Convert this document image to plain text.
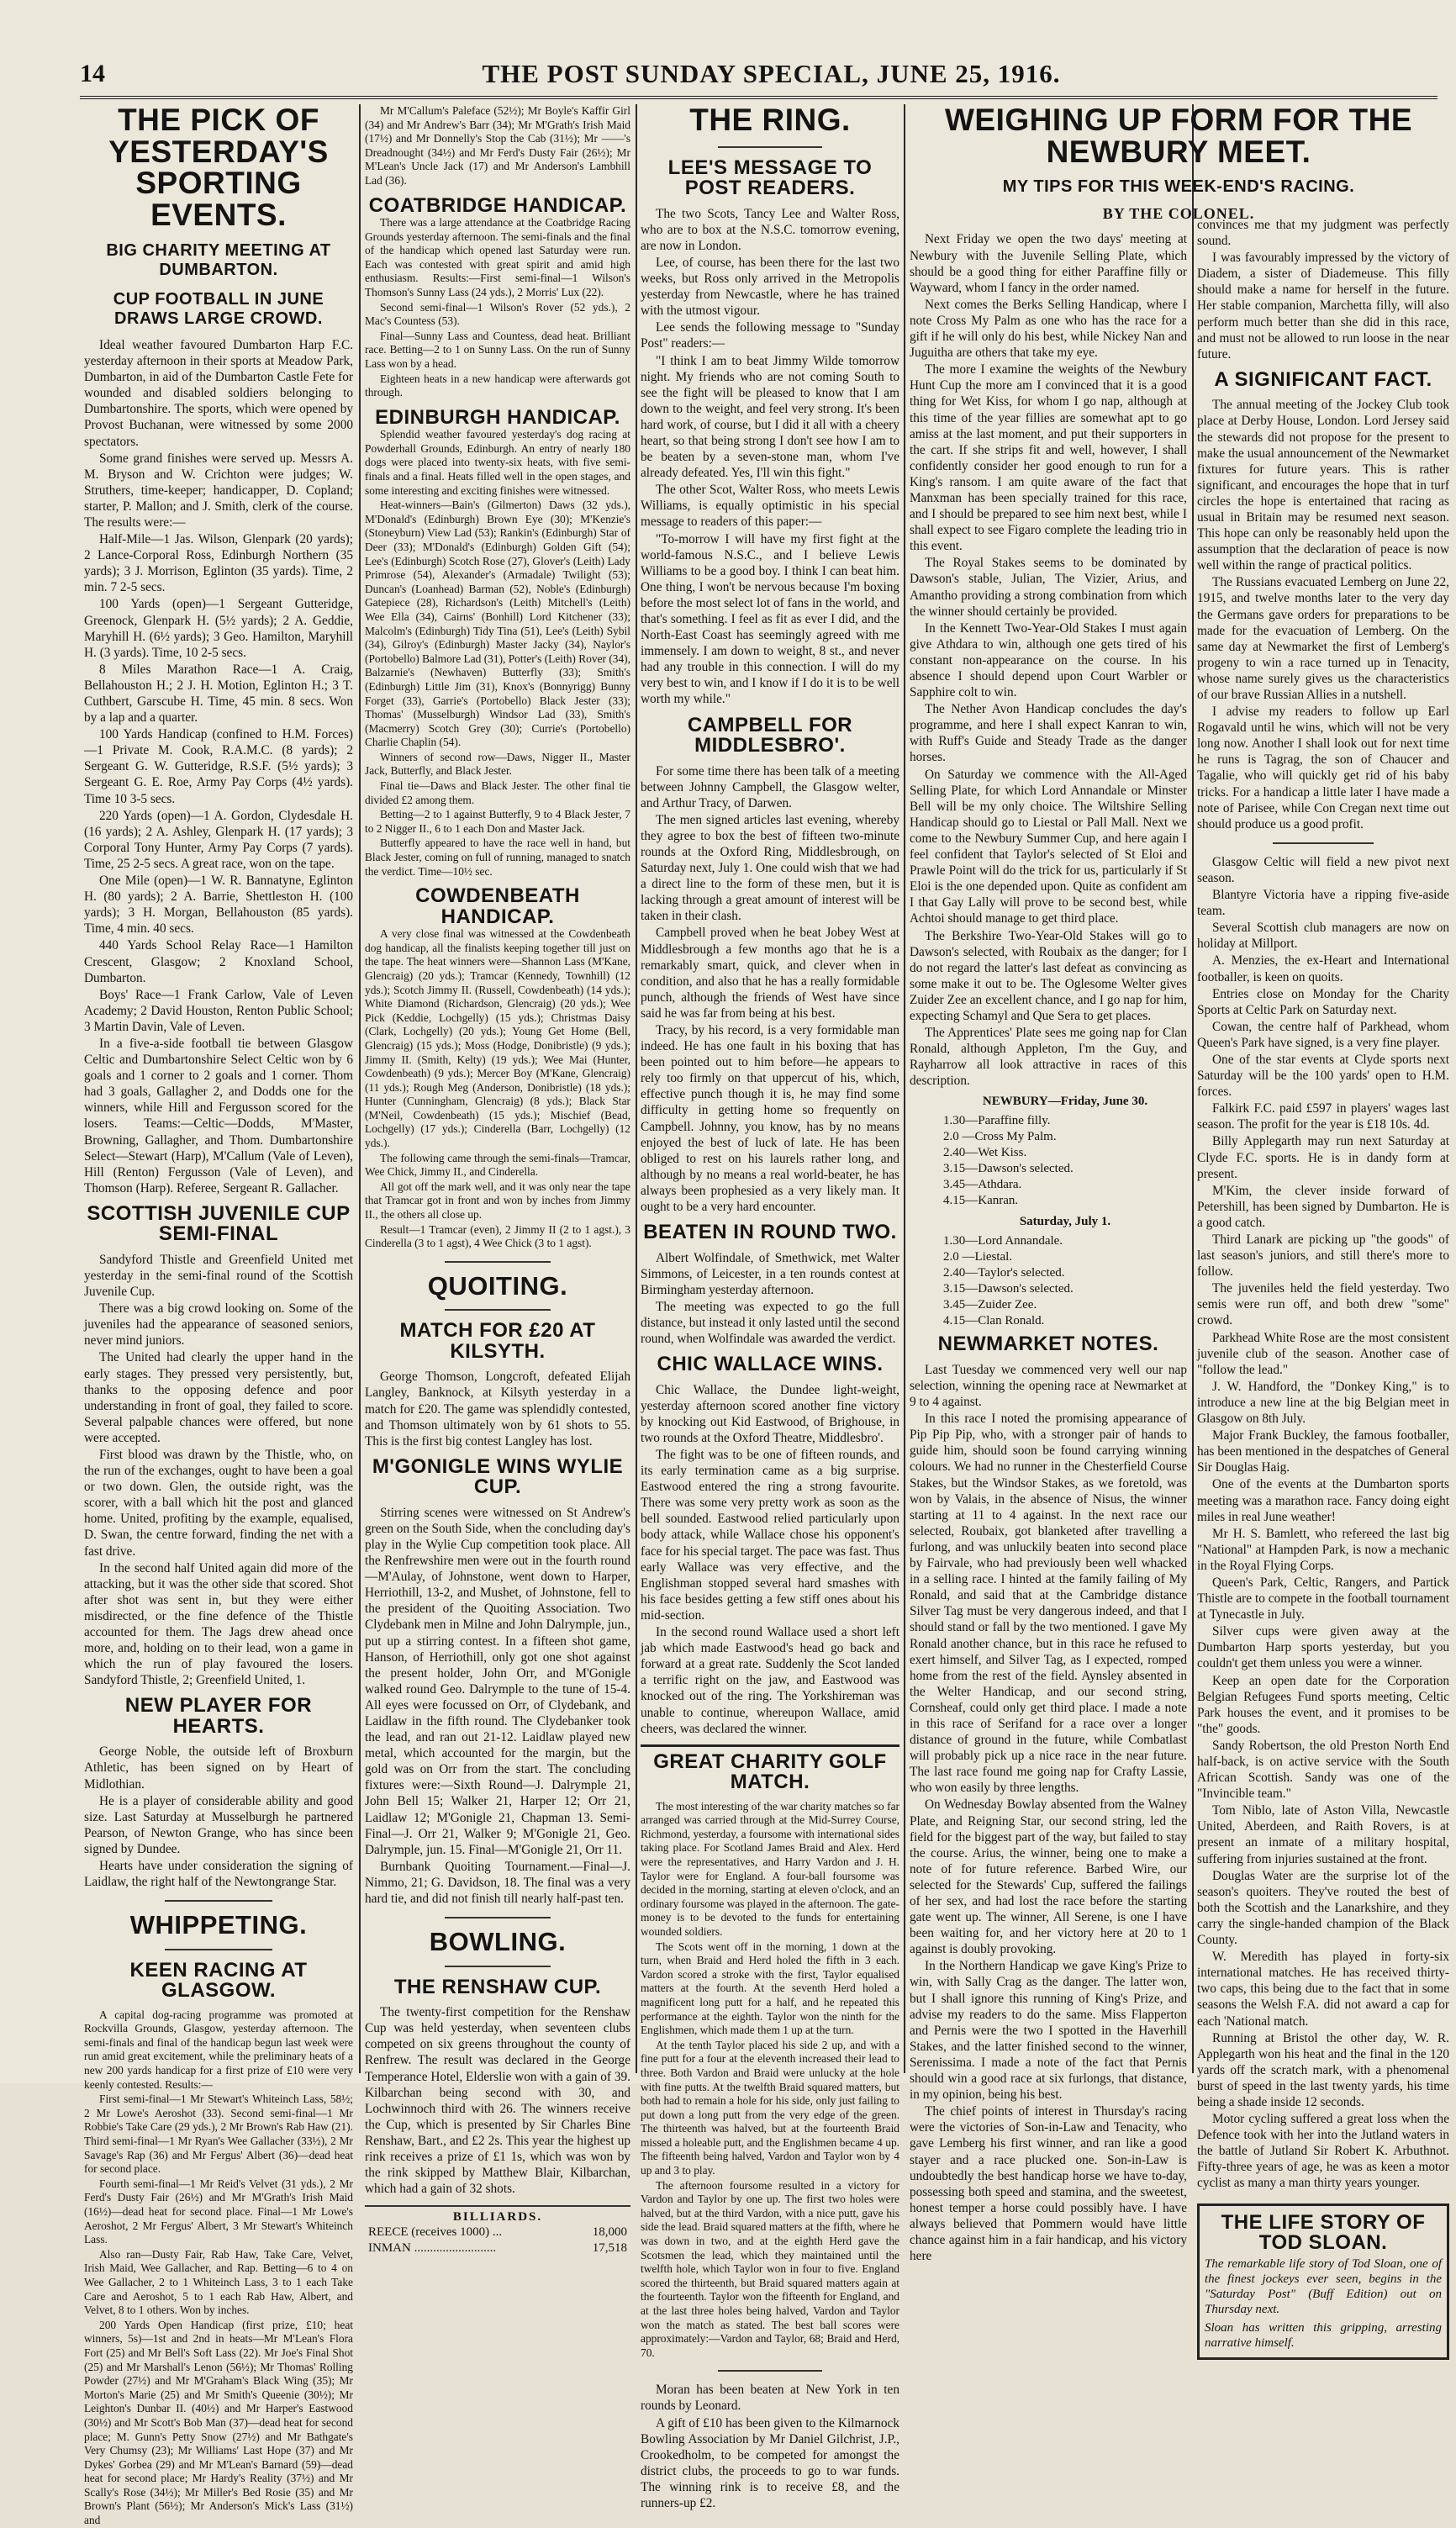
14	THE POST SUNDAY SPECIAL, JUNE 25, 1916.
THE PICK OF YESTERDAY'S SPORTING EVENTS.
BIG CHARITY MEETING AT DUMBARTON.
CUP FOOTBALL IN JUNE DRAWS LARGE CROWD.

Ideal weather favoured Dumbarton Harp F.C. yesterday afternoon in their sports at Meadow Park, Dumbarton, in aid of the Dumbarton Castle Fete for wounded and disabled soldiers belonging to Dumbartonshire. The sports, which were opened by Provost Buchanan, were witnessed by some 2000 spectators.

Some grand finishes were served up. Messrs A. M. Bryson and W. Crichton were judges; W. Struthers, time-keeper; handicapper, D. Copland; starter, P. Mallon; and J. Smith, clerk of the course. The results were:—

Half-Mile—1 Jas. Wilson, Glenpark (20 yards); 2 Lance-Corporal Ross, Edinburgh Northern (35 yards); 3 J. Morrison, Eglinton (35 yards). Time, 2 min. 7 2-5 secs.

100 Yards (open)—1 Sergeant Gutteridge, Greenock, Glenpark H. (5½ yards); 2 A. Geddie, Maryhill H. (6½ yards); 3 Geo. Hamilton, Maryhill H. (3 yards). Time, 10 2-5 secs.

8 Miles Marathon Race—1 A. Craig, Bellahouston H.; 2 J. H. Motion, Eglinton H.; 3 T. Cuthbert, Garscube H. Time, 45 min. 8 secs. Won by a lap and a quarter.

100 Yards Handicap (confined to H.M. Forces)—1 Private M. Cook, R.A.M.C. (8 yards); 2 Sergeant G. W. Gutteridge, R.S.F. (5½ yards); 3 Sergeant G. E. Roe, Army Pay Corps (4½ yards). Time 10 3-5 secs.

220 Yards (open)—1 A. Gordon, Clydesdale H. (16 yards); 2 A. Ashley, Glenpark H. (17 yards); 3 Corporal Tony Hunter, Army Pay Corps (7 yards). Time, 25 2-5 secs. A great race, won on the tape.

One Mile (open)—1 W. R. Bannatyne, Eglinton H. (80 yards); 2 A. Barrie, Shettleston H. (100 yards); 3 H. Morgan, Bellahouston (85 yards). Time, 4 min. 40 secs.

440 Yards School Relay Race—1 Hamilton Crescent, Glasgow; 2 Knoxland School, Dumbarton.

Boys' Race—1 Frank Carlow, Vale of Leven Academy; 2 David Houston, Renton Public School; 3 Martin Davin, Vale of Leven.

In a five-a-side football tie between Glasgow Celtic and Dumbartonshire Select Celtic won by 6 goals and 1 corner to 2 goals and 1 corner. Thom had 3 goals, Gallagher 2, and Dodds one for the winners, while Hill and Fergusson scored for the losers. Teams:—Celtic—Dodds, M'Master, Browning, Gallagher, and Thom. Dumbartonshire Select—Stewart (Harp), M'Callum (Vale of Leven), Hill (Renton) Fergusson (Vale of Leven), and Thomson (Harp). Referee, Sergeant R. Gallacher.

SCOTTISH JUVENILE CUP SEMI-FINAL

Sandyford Thistle and Greenfield United met yesterday in the semi-final round of the Scottish Juvenile Cup.

There was a big crowd looking on. Some of the juveniles had the appearance of seasoned seniors, never mind juniors.

The United had clearly the upper hand in the early stages. They pressed very persistently, but, thanks to the opposing defence and poor understanding in front of goal, they failed to score. Several palpable chances were offered, but none were accepted.

First blood was drawn by the Thistle, who, on the run of the exchanges, ought to have been a goal or two down. Glen, the outside right, was the scorer, with a ball which hit the post and glanced home. United, profiting by the example, equalised, D. Swan, the centre forward, finding the net with a fast drive.

In the second half United again did more of the attacking, but it was the other side that scored. Shot after shot was sent in, but they were either misdirected, or the fine defence of the Thistle accounted for them. The Jags drew ahead once more, and, holding on to their lead, won a game in which the run of play favoured the losers. Sandyford Thistle, 2; Greenfield United, 1.

NEW PLAYER FOR HEARTS.

George Noble, the outside left of Broxburn Athletic, has been signed on by Heart of Midlothian.

He is a player of considerable ability and good size. Last Saturday at Musselburgh he partnered Pearson, of Newton Grange, who has since been signed by Dundee.

Hearts have under consideration the signing of Laidlaw, the right half of the Newtongrange Star.

WHIPPETING.
KEEN RACING AT GLASGOW.

A capital dog-racing programme was promoted at Rockvilla Grounds, Glasgow, yesterday afternoon. The semi-finals and final of the handicap begun last week were run amid great excitement, while the preliminary heats of a new 200 yards handicap for a first prize of £10 were very keenly contested. Results:—

First semi-final—1 Mr Stewart's Whiteinch Lass, 58½; 2 Mr Lowe's Aeroshot (33). Second semi-final—1 Mr Robbie's Take Care (29 yds.), 2 Mr Brown's Rab Haw (21). Third semi-final—1 Mr Ryan's Wee Gallacher (33½), 2 Mr Savage's Rap (36) and Mr Fergus' Albert (36)—dead heat for second place.

Fourth semi-final—1 Mr Reid's Velvet (31 yds.), 2 Mr Ferd's Dusty Fair (26½) and Mr M'Grath's Irish Maid (16½)—dead heat for second place. Final—1 Mr Lowe's Aeroshot, 2 Mr Fergus' Albert, 3 Mr Stewart's Whiteinch Lass.

Also ran—Dusty Fair, Rab Haw, Take Care, Velvet, Irish Maid, Wee Gallacher, and Rap. Betting—6 to 4 on Wee Gallacher, 2 to 1 Whiteinch Lass, 3 to 1 each Take Care and Aeroshot, 5 to 1 each Rab Haw, Albert, and Velvet, 8 to 1 others. Won by inches.

200 Yards Open Handicap (first prize, £10; heat winners, 5s)—1st and 2nd in heats—Mr M'Lean's Flora Fort (25) and Mr Bell's Soft Lass (22). Mr Joe's Final Shot (25) and Mr Marshall's Lenon (56½); Mr Thomas' Rolling Powder (27½) and Mr M'Graham's Black Wing (35); Mr Morton's Marie (25) and Mr Smith's Queenie (30½); Mr Leighton's Dunbar II. (40½) and Mr Harper's Eastwood (30½) and Mr Scott's Bob Man (37)—dead heat for second place; M. Gunn's Petty Snow (27½) and Mr Bathgate's Very Chumsy (23); Mr Williams' Last Hope (37) and Mr Dykes' Gorbea (29) and Mr M'Lean's Barnard (59)—dead heat for second place; Mr Hardy's Reality (37½) and Mr Scally's Rose (34½); Mr Miller's Bed Rosie (35) and Mr Brown's Plant (56½); Mr Anderson's Mick's Lass (31½) and

Mr M'Callum's Paleface (52½); Mr Boyle's Kaffir Girl (34) and Mr Andrew's Barr (34); Mr M'Grath's Irish Maid (17½) and Mr Donnelly's Stop the Cab (31½); Mr ——'s Dreadnought (34½) and Mr Ferd's Dusty Fair (26½); Mr M'Lean's Uncle Jack (17) and Mr Anderson's Lambhill Lad (36).

COATBRIDGE HANDICAP.

There was a large attendance at the Coatbridge Racing Grounds yesterday afternoon. The semi-finals and the final of the handicap which opened last Saturday were run. Each was contested with great spirit and amid high enthusiasm. Results:—First semi-final—1 Wilson's Thomson's Sunny Lass (24 yds.), 2 Morris' Lux (22).

Second semi-final—1 Wilson's Rover (52 yds.), 2 Mac's Countess (53).

Final—Sunny Lass and Countess, dead heat. Brilliant race. Betting—2 to 1 on Sunny Lass. On the run of Sunny Lass won by a head.

Eighteen heats in a new handicap were afterwards got through.

EDINBURGH HANDICAP.

Splendid weather favoured yesterday's dog racing at Powderhall Grounds, Edinburgh. An entry of nearly 180 dogs were placed into twenty-six heats, with five semi-finals and a final. Heats filled well in the open stages, and some interesting and exciting finishes were witnessed.

Heat-winners—Bain's (Gilmerton) Daws (32 yds.), M'Donald's (Edinburgh) Brown Eye (30); M'Kenzie's (Stoneyburn) View Lad (53); Rankin's (Edinburgh) Star of Deer (33); M'Donald's (Edinburgh) Golden Gift (54); Lee's (Edinburgh) Scotch Rose (27), Glover's (Leith) Lady Primrose (54), Alexander's (Armadale) Twilight (53); Duncan's (Loanhead) Barman (52), Noble's (Edinburgh) Gatepiece (28), Richardson's (Leith) Mitchell's (Leith) Wee Ella (34), Cairns' (Bonhill) Lord Kitchener (33); Malcolm's (Edinburgh) Tidy Tina (51), Lee's (Leith) Sybil (34), Gilroy's (Edinburgh) Master Jacky (34), Naylor's (Portobello) Balmore Lad (31), Potter's (Leith) Rover (34), Balzarnie's (Newhaven) Butterfly (33); Smith's (Edinburgh) Little Jim (31), Knox's (Bonnyrigg) Bunny Forget (33), Garrie's (Portobello) Black Jester (33); Thomas' (Musselburgh) Windsor Lad (33), Smith's (Macmerry) Scotch Grey (30); Currie's (Portobello) Charlie Chaplin (54).

Winners of second row—Daws, Nigger II., Master Jack, Butterfly, and Black Jester.

Final tie—Daws and Black Jester. The other final tie divided £2 among them.

Betting—2 to 1 against Butterfly, 9 to 4 Black Jester, 7 to 2 Nigger II., 6 to 1 each Don and Master Jack.

Butterfly appeared to have the race well in hand, but Black Jester, coming on full of running, managed to snatch the verdict. Time—10½ sec.

COWDENBEATH HANDICAP.

A very close final was witnessed at the Cowdenbeath dog handicap, all the finalists keeping together till just on the tape. The heat winners were—Shannon Lass (M'Kane, Glencraig) (20 yds.); Tramcar (Kennedy, Townhill) (12 yds.); Scotch Jimmy II. (Russell, Cowdenbeath) (14 yds.); White Diamond (Richardson, Glencraig) (20 yds.); Wee Pick (Keddie, Lochgelly) (15 yds.); Christmas Daisy (Clark, Lochgelly) (20 yds.); Young Get Home (Bell, Glencraig) (15 yds.); Moss (Hodge, Donibristle) (9 yds.); Jimmy II. (Smith, Kelty) (19 yds.); Wee Mai (Hunter, Cowdenbeath) (9 yds.); Mercer Boy (M'Kane, Glencraig) (11 yds.); Rough Meg (Anderson, Donibristle) (18 yds.); Hunter (Cunningham, Glencraig) (8 yds.); Black Star (M'Neil, Cowdenbeath) (15 yds.); Mischief (Bead, Lochgelly) (17 yds.); Cinderella (Barr, Lochgelly) (12 yds.).

The following came through the semi-finals—Tramcar, Wee Chick, Jimmy II., and Cinderella.

All got off the mark well, and it was only near the tape that Tramcar got in front and won by inches from Jimmy II., the others all close up.

Result—1 Tramcar (even), 2 Jimmy II (2 to 1 agst.), 3 Cinderella (3 to 1 agst), 4 Wee Chick (3 to 1 agst).

QUOITING.
MATCH FOR £20 AT KILSYTH.

George Thomson, Longcroft, defeated Elijah Langley, Banknock, at Kilsyth yesterday in a match for £20. The game was splendidly contested, and Thomson ultimately won by 61 shots to 55. This is the first big contest Langley has lost.

M'GONIGLE WINS WYLIE CUP.

Stirring scenes were witnessed on St Andrew's green on the South Side, when the concluding day's play in the Wylie Cup competition took place. All the Renfrewshire men were out in the fourth round—M'Aulay, of Johnstone, went down to Harper, Herriothill, 13-2, and Mushet, of Johnstone, fell to the president of the Quoiting Association. Two Clydebank men in Milne and John Dalrymple, jun., put up a stirring contest. In a fifteen shot game, Hanson, of Herriothill, only got one shot against the present holder, John Orr, and M'Gonigle walked round Geo. Dalrymple to the tune of 15-4. All eyes were focussed on Orr, of Clydebank, and Laidlaw in the fifth round. The Clydebanker took the lead, and ran out 21-12. Laidlaw played new metal, which accounted for the margin, but the gold was on Orr from the start. The concluding fixtures were:—Sixth Round—J. Dalrymple 21, John Bell 15; Walker 21, Harper 12; Orr 21, Laidlaw 12; M'Gonigle 21, Chapman 13. Semi-Final—J. Orr 21, Walker 9; M'Gonigle 21, Geo. Dalrymple, jun. 15. Final—M'Gonigle 21, Orr 11.

Burnbank Quoiting Tournament.—Final—J. Nimmo, 21; G. Davidson, 18. The final was a very hard tie, and did not finish till nearly half-past ten.

BOWLING.
THE RENSHAW CUP.

The twenty-first competition for the Renshaw Cup was held yesterday, when seventeen clubs competed on six greens throughout the county of Renfrew. The result was declared in the George Temperance Hotel, Elderslie won with a gain of 39. Kilbarchan being second with 30, and Lochwinnoch third with 26. The winners receive the Cup, which is presented by Sir Charles Bine Renshaw, Bart., and £2 2s. This year the highest up rink receives a prize of £1 1s, which was won by the rink skipped by Matthew Blair, Kilbarchan, which had a gain of 32 shots.

BILLIARDS.
REECE (receives 1000) ...	18,000
INMAN ..........................	17,518
THE RING.
LEE'S MESSAGE TO POST READERS.

The two Scots, Tancy Lee and Walter Ross, who are to box at the N.S.C. tomorrow evening, are now in London.

Lee, of course, has been there for the last two weeks, but Ross only arrived in the Metropolis yesterday from Newcastle, where he has trained with the utmost vigour.

Lee sends the following message to "Sunday Post" readers:—

"I think I am to beat Jimmy Wilde tomorrow night. My friends who are not coming South to see the fight will be pleased to know that I am down to the weight, and feel very strong. It's been hard work, of course, but I did it all with a cheery heart, so that being strong I don't see how I am to be beaten by a seven-stone man, whom I've already defeated. Yes, I'll win this fight."

The other Scot, Walter Ross, who meets Lewis Williams, is equally optimistic in his special message to readers of this paper:—

"To-morrow I will have my first fight at the world-famous N.S.C., and I believe Lewis Williams to be a good boy. I think I can beat him. One thing, I won't be nervous because I'm boxing before the most select lot of fans in the world, and that's something. I feel as fit as ever I did, and the North-East Coast has seemingly agreed with me immensely. I am down to weight, 8 st., and never had any trouble in this connection. I will do my very best to win, and I know if I do it is to be well worth my while."

CAMPBELL FOR MIDDLESBRO'.

For some time there has been talk of a meeting between Johnny Campbell, the Glasgow welter, and Arthur Tracy, of Darwen.

The men signed articles last evening, whereby they agree to box the best of fifteen two-minute rounds at the Oxford Ring, Middlesbrough, on Saturday next, July 1. One could wish that we had a direct line to the form of these men, but it is lacking through a great amount of interest will be taken in their clash.

Campbell proved when he beat Jobey West at Middlesbrough a few months ago that he is a remarkably smart, quick, and clever when in condition, and also that he has a really formidable punch, although the friends of West have since said he was far from being at his best.

Tracy, by his record, is a very formidable man indeed. He has one fault in his boxing that has been pointed out to him before—he appears to rely too firmly on that uppercut of his, which, effective punch though it is, he may find some difficulty in getting home so frequently on Campbell. Johnny, you know, has by no means enjoyed the best of luck of late. He has been obliged to rest on his laurels rather long, and although by no means a real world-beater, he has always been prophesied as a very likely man. It ought to be a very hard encounter.

BEATEN IN ROUND TWO.

Albert Wolfindale, of Smethwick, met Walter Simmons, of Leicester, in a ten rounds contest at Birmingham yesterday afternoon.

The meeting was expected to go the full distance, but instead it only lasted until the second round, when Wolfindale was awarded the verdict.

CHIC WALLACE WINS.

Chic Wallace, the Dundee light-weight, yesterday afternoon scored another fine victory by knocking out Kid Eastwood, of Brighouse, in two rounds at the Oxford Theatre, Middlesbro'.

The fight was to be one of fifteen rounds, and its early termination came as a big surprise. Eastwood entered the ring a strong favourite. There was some very pretty work as soon as the bell sounded. Eastwood relied particularly upon body attack, while Wallace chose his opponent's face for his special target. The pace was fast. Thus early Wallace was very effective, and the Englishman stopped several hard smashes with his face besides getting a few stiff ones about his mid-section.

In the second round Wallace used a short left jab which made Eastwood's head go back and forward at a great rate. Suddenly the Scot landed a terrific right on the jaw, and Eastwood was knocked out of the ring. The Yorkshireman was unable to continue, whereupon Wallace, amid cheers, was declared the winner.

GREAT CHARITY GOLF MATCH.

The most interesting of the war charity matches so far arranged was carried through at the Mid-Surrey Course, Richmond, yesterday, a foursome with international sides taking place. For Scotland James Braid and Alex. Herd were the representatives, and Harry Vardon and J. H. Taylor were for England. A four-ball foursome was decided in the morning, starting at eleven o'clock, and an ordinary foursome was played in the afternoon. The gate-money is to be devoted to the funds for entertaining wounded soldiers.

The Scots went off in the morning, 1 down at the turn, when Braid and Herd holed the fifth in 3 each. Vardon scored a stroke with the first, Taylor equalised matters at the fourth. At the seventh Herd holed a magnificent long putt for a half, and he repeated this performance at the eighth. Taylor won the ninth for the Englishmen, which made them 1 up at the turn.

At the tenth Taylor placed his side 2 up, and with a fine putt for a four at the eleventh increased their lead to three. Both Vardon and Braid were unlucky at the hole with fine putts. At the twelfth Braid squared matters, but both had to remain a hole for his side, only just failing to put down a long putt from the very edge of the green. The thirteenth was halved, but at the fourteenth Braid missed a holeable putt, and the Englishmen became 4 up. The fifteenth being halved, Vardon and Taylor won by 4 up and 3 to play.

The afternoon foursome resulted in a victory for Vardon and Taylor by one up. The first two holes were halved, but at the third Vardon, with a nice putt, gave his side the lead. Braid squared matters at the fifth, where he was down in two, and at the eighth Herd gave the Scotsmen the lead, which they maintained until the twelfth hole, which Taylor won in four to five. England scored the thirteenth, but Braid squared matters again at the fourteenth. Taylor won the fifteenth for England, and at the last three holes being halved, Vardon and Taylor won the match as stated. The best ball scores were approximately:—Vardon and Taylor, 68; Braid and Herd, 70.

Moran has been beaten at New York in ten rounds by Leonard.

A gift of £10 has been given to the Kilmarnock Bowling Association by Mr Daniel Gilchrist, J.P., Crookedholm, to be competed for amongst the district clubs, the proceeds to go to war funds. The winning rink is to receive £8, and the runners-up £2.

WEIGHING UP FORM FOR THE NEWBURY MEET.
MY TIPS FOR THIS WEEK-END'S RACING.
BY THE COLONEL.

Next Friday we open the two days' meeting at Newbury with the Juvenile Selling Plate, which should be a good thing for either Paraffine filly or Wayward, whom I fancy in the order named.

Next comes the Berks Selling Handicap, where I note Cross My Palm as one who has the race for a gift if he will only do his best, while Nickey Nan and Juguitha are others that take my eye.

The more I examine the weights of the Newbury Hunt Cup the more am I convinced that it is a good thing for Wet Kiss, for whom I go nap, although at this time of the year fillies are somewhat apt to go amiss at the last moment, and put their supporters in the cart. If she strips fit and well, however, I shall confidently consider her good enough to run for a King's ransom. I am quite aware of the fact that Manxman has been specially trained for this race, and I should be prepared to see him next best, while I shall expect to see Figaro complete the leading trio in this event.

The Royal Stakes seems to be dominated by Dawson's stable, Julian, The Vizier, Arius, and Amantho providing a strong combination from which the winner should certainly be provided.

In the Kennett Two-Year-Old Stakes I must again give Athdara to win, although one gets tired of his constant non-appearance on the course. In his absence I should depend upon Court Warbler or Sapphire colt to win.

The Nether Avon Handicap concludes the day's programme, and here I shall expect Kanran to win, with Ruff's Guide and Steady Trade as the danger horses.

On Saturday we commence with the All-Aged Selling Plate, for which Lord Annandale or Minster Bell will be my only choice. The Wiltshire Selling Handicap should go to Liestal or Pall Mall. Next we come to the Newbury Summer Cup, and here again I feel confident that Taylor's selected of St Eloi and Prawle Point will do the trick for us, particularly if St Eloi is the one depended upon. Quite as confident am I that Gay Lally will prove to be second best, while Achtoi should manage to get third place.

The Berkshire Two-Year-Old Stakes will go to Dawson's selected, with Roubaix as the danger; for I do not regard the latter's last defeat as convincing as some make it out to be. The Oglesome Welter gives Zuider Zee an excellent chance, and I go nap for him, expecting Schamyl and Que Sera to get places.

The Apprentices' Plate sees me going nap for Clan Ronald, although Appleton, I'm the Guy, and Rayharrow all look attractive in races of this description.

NEWBURY—Friday, June 30.
1.30—Paraffine filly.
2.0 —Cross My Palm.
2.40—Wet Kiss.
3.15—Dawson's selected.
3.45—Athdara.
4.15—Kanran.
Saturday, July 1.
1.30—Lord Annandale.
2.0 —Liestal.
2.40—Taylor's selected.
3.15—Dawson's selected.
3.45—Zuider Zee.
4.15—Clan Ronald.
NEWMARKET NOTES.

Last Tuesday we commenced very well our nap selection, winning the opening race at Newmarket at 9 to 4 against.

In this race I noted the promising appearance of Pip Pip Pip, who, with a stronger pair of hands to guide him, should soon be found carrying winning colours. We had no runner in the Chesterfield Course Stakes, but the Windsor Stakes, as we foretold, was won by Valais, in the absence of Nisus, the winner starting at 11 to 4 against. In the next race our selected, Roubaix, got blanketed after travelling a furlong, and was unluckily beaten into second place by Fairvale, who had previously been well whacked in a selling race. I hinted at the family failing of My Ronald, and said that at the Cambridge distance Silver Tag must be very dangerous indeed, and that I should stand or fall by the two mentioned. I gave My Ronald another chance, but in this race he refused to exert himself, and Silver Tag, as I expected, romped home from the rest of the field. Aynsley absented in the Welter Handicap, and our second string, Cornsheaf, could only get third place. I made a note in this race of Serifand for a race over a longer distance of ground in the future, while Combatlast will probably pick up a nice race in the near future. The last race found me going nap for Crafty Lassie, who won easily by three lengths.

On Wednesday Bowlay absented from the Walney Plate, and Reigning Star, our second string, led the field for the biggest part of the way, but failed to stay the course. Arius, the winner, being one to make a note of for future reference. Barbed Wire, our selected for the Stewards' Cup, suffered the failings of her sex, and had lost the race before the starting gate went up. The winner, All Serene, is one I have been waiting for, and her victory here at 20 to 1 against is doubly provoking.

In the Northern Handicap we gave King's Prize to win, with Sally Crag as the danger. The latter won, but I shall ignore this running of King's Prize, and advise my readers to do the same. Miss Flapperton and Pernis were the two I spotted in the Haverhill Stakes, and the latter finished second to the winner, Serenissima. I made a note of the fact that Pernis should win a good race at six furlongs, that distance, in my opinion, being his best.

The chief points of interest in Thursday's racing were the victories of Son-in-Law and Tenacity, who gave Lemberg his first winner, and ran like a good stayer and a race plucked one. Son-in-Law is undoubtedly the best handicap horse we have to-day, possessing both speed and stamina, and the sweetest, honest temper a horse could possibly have. I have always believed that Pommern would have little chance against him in a fair handicap, and his victory here

convinces me that my judgment was perfectly sound.

I was favourably impressed by the victory of Diadem, a sister of Diademeuse. This filly should make a name for herself in the future. Her stable companion, Marchetta filly, will also perform much better than she did in this race, and must not be allowed to run loose in the near future.

A SIGNIFICANT FACT.

The annual meeting of the Jockey Club took place at Derby House, London. Lord Jersey said the stewards did not propose for the present to make the usual announcement of the Newmarket fixtures for future years. This is rather significant, and encourages the hope that in turf circles the hope is entertained that racing as usual in Britain may be resumed next season. This hope can only be reasonably held upon the assumption that the declaration of peace is now well within the range of practical politics.

The Russians evacuated Lemberg on June 22, 1915, and twelve months later to the very day the Germans gave orders for preparations to be made for the evacuation of Lemberg. On the same day at Newmarket the first of Lemberg's progeny to win a race turned up in Tenacity, whose name surely gives us the characteristics of our brave Russian Allies in a nutshell.

I advise my readers to follow up Earl Rogavald until he wins, which will not be very long now. Another I shall look out for next time he runs is Tagrag, the son of Chaucer and Tagalie, who will quickly get rid of his baby tricks. For a handicap a little later I have made a note of Parisee, while Con Cregan next time out should produce us a good profit.

Glasgow Celtic will field a new pivot next season.

Blantyre Victoria have a ripping five-aside team.

Several Scottish club managers are now on holiday at Millport.

A. Menzies, the ex-Heart and International footballer, is keen on quoits.

Entries close on Monday for the Charity Sports at Celtic Park on Saturday next.

Cowan, the centre half of Parkhead, whom Queen's Park have signed, is a very fine player.

One of the star events at Clyde sports next Saturday will be the 100 yards' open to H.M. forces.

Falkirk F.C. paid £597 in players' wages last season. The profit for the year is £18 10s. 4d.

Billy Applegarth may run next Saturday at Clyde F.C. sports. He is in dandy form at present.

M'Kim, the clever inside forward of Petershill, has been signed by Dumbarton. He is a good catch.

Third Lanark are picking up "the goods" of last season's juniors, and still there's more to follow.

The juveniles held the field yesterday. Two semis were run off, and both drew "some" crowd.

Parkhead White Rose are the most consistent juvenile club of the season. Another case of "follow the lead."

J. W. Handford, the "Donkey King," is to introduce a new line at the big Belgian meet in Glasgow on 8th July.

Major Frank Buckley, the famous footballer, has been mentioned in the despatches of General Sir Douglas Haig.

One of the events at the Dumbarton sports meeting was a marathon race. Fancy doing eight miles in real June weather!

Mr H. S. Bamlett, who refereed the last big "National" at Hampden Park, is now a mechanic in the Royal Flying Corps.

Queen's Park, Celtic, Rangers, and Partick Thistle are to compete in the football tournament at Tynecastle in July.

Silver cups were given away at the Dumbarton Harp sports yesterday, but you couldn't get them unless you were a winner.

Keep an open date for the Corporation Belgian Refugees Fund sports meeting, Celtic Park houses the event, and it promises to be "the" goods.

Sandy Robertson, the old Preston North End half-back, is on active service with the South African Scottish. Sandy was one of the "Invincible team."

Tom Niblo, late of Aston Villa, Newcastle United, Aberdeen, and Raith Rovers, is at present an inmate of a military hospital, suffering from injuries sustained at the front.

Douglas Water are the surprise lot of the season's quoiters. They've routed the best of both the Scottish and the Lanarkshire, and they carry the single-handed champion of the Black County.

W. Meredith has played in forty-six international matches. He has received thirty-two caps, this being due to the fact that in some seasons the Welsh F.A. did not award a cap for each 'National match.

Running at Bristol the other day, W. R. Applegarth won his heat and the final in the 120 yards off the scratch mark, with a phenomenal burst of speed in the last twenty yards, his time being a shade inside 12 seconds.

Motor cycling suffered a great loss when the Defence took with her into the Jutland waters in the battle of Jutland Sir Robert K. Arbuthnot. Fifty-three years of age, he was as keen a motor cyclist as many a man thirty years younger.

THE LIFE STORY OF TOD SLOAN.

The remarkable life story of Tod Sloan, one of the finest jockeys ever seen, begins in the "Saturday Post" (Buff Edition) out on Thursday next.

Sloan has written this gripping, arresting narrative himself.
